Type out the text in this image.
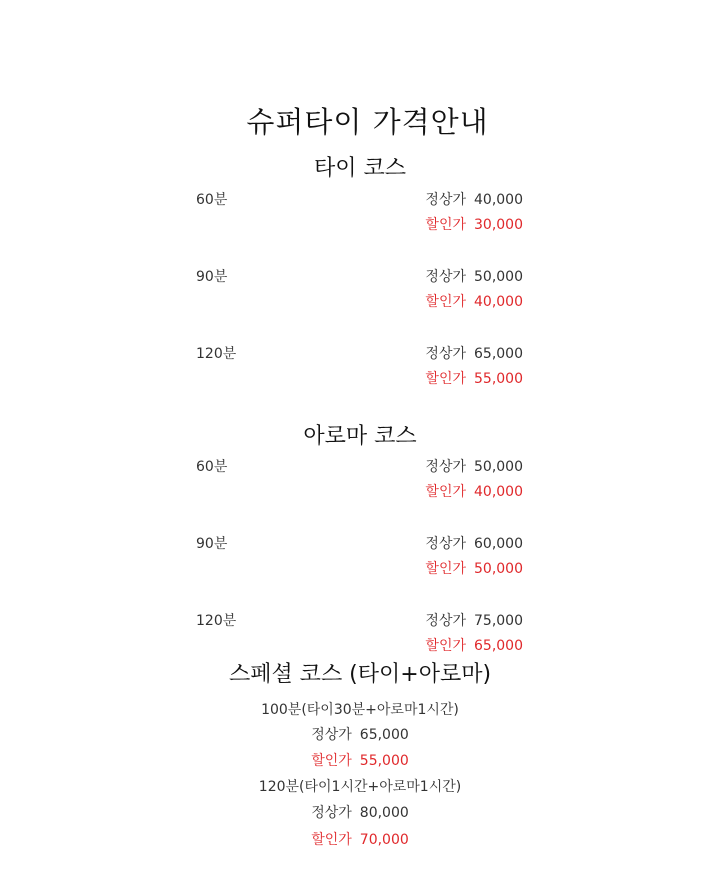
슈퍼타이 가격안내
타이 코스
60분	정상가 40,000
할인가 30,000
90분	정상가 50,000
할인가 40,000
120분	정상가 65,000
할인가 55,000
아로마 코스
60분	정상가 50,000
할인가 40,000
90분	정상가 60,000
할인가 50,000
120분	정상가 75,000
할인가 65,000
스페셜 코스 (타이+아로마)
100분(타이30분+아로마1시간)
정상가 65,000
할인가 55,000
120분(타이1시간+아로마1시간)
정상가 80,000
할인가 70,000
